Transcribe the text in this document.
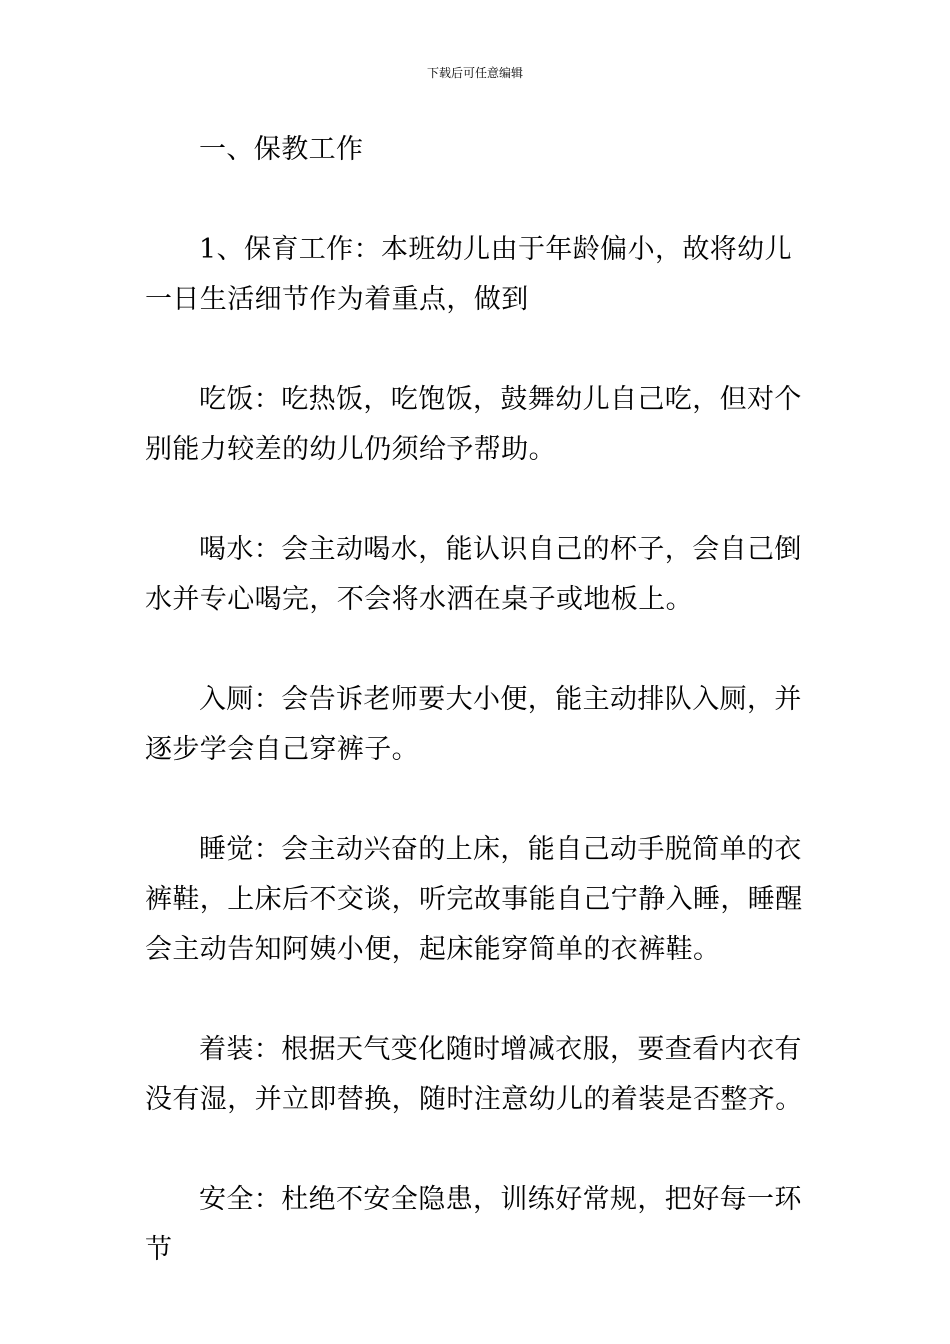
下载后可任意编辑

一、保教工作

1、保育工作：本班幼儿由于年龄偏小，故将幼儿一日生活细节作为着重点，做到

吃饭：吃热饭，吃饱饭，鼓舞幼儿自己吃，但对个别能力较差的幼儿仍须给予帮助。

喝水：会主动喝水，能认识自己的杯子，会自己倒水并专心喝完，不会将水洒在桌子或地板上。

入厕：会告诉老师要大小便，能主动排队入厕，并逐步学会自己穿裤子。

睡觉：会主动兴奋的上床，能自己动手脱简单的衣裤鞋，上床后不交谈，听完故事能自己宁静入睡，睡醒会主动告知阿姨小便，起床能穿简单的衣裤鞋。

着装：根据天气变化随时增减衣服，要查看内衣有没有湿，并立即替换，随时注意幼儿的着装是否整齐。

安全：杜绝不安全隐患，训练好常规，把好每一环节
